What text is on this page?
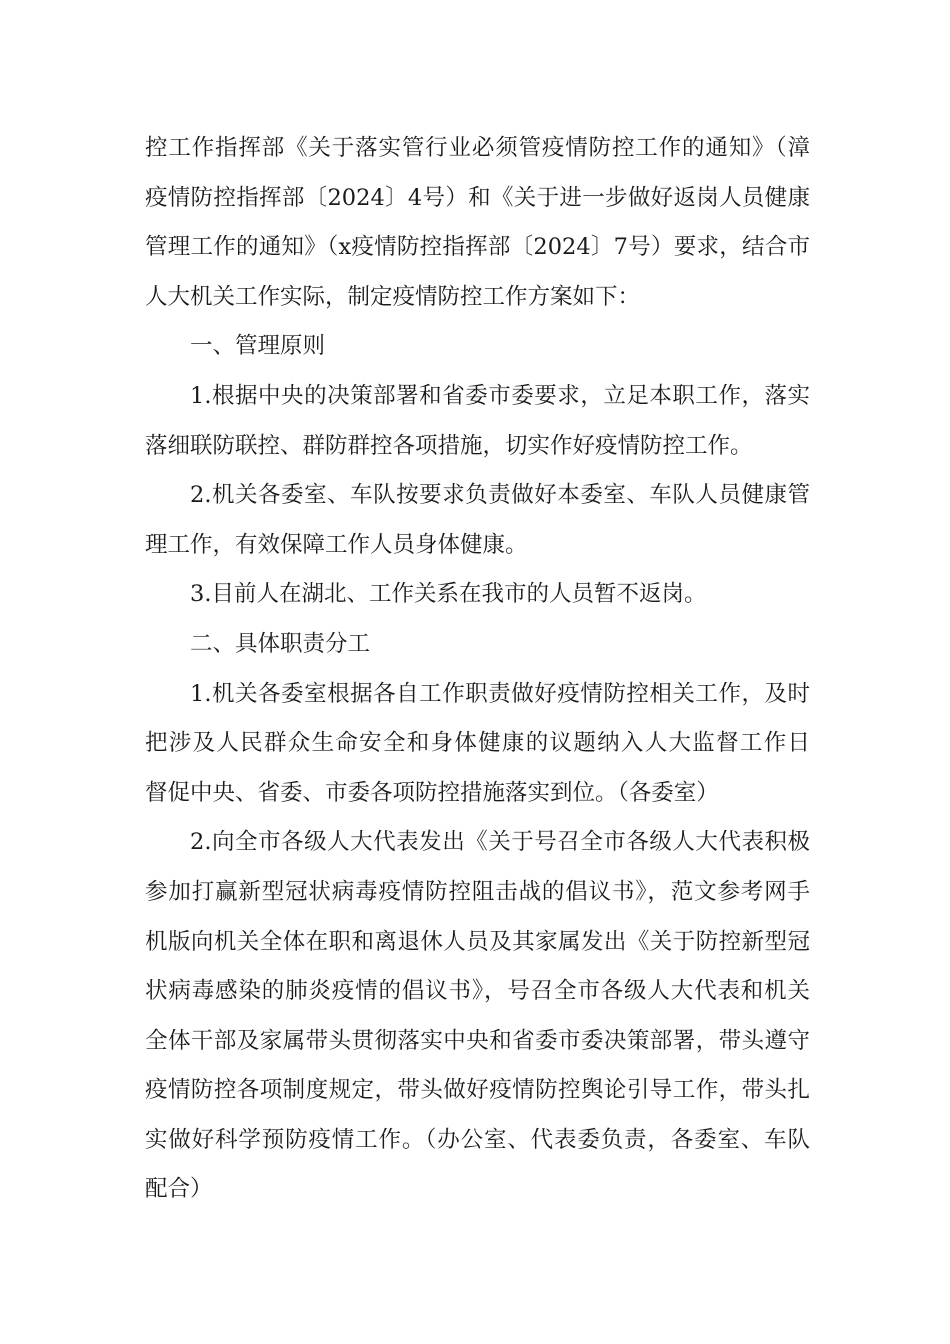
控工作指挥部《关于落实管行业必须管疫情防控工作的通知》（漳
疫情防控指挥部〔2024〕4号）和《关于进一步做好返岗人员健康
管理工作的通知》（x疫情防控指挥部〔2024〕7号）要求，结合市
人大机关工作实际，制定疫情防控工作方案如下：
一、管理原则
1.根据中央的决策部署和省委市委要求，立足本职工作，落实
落细联防联控、群防群控各项措施，切实作好疫情防控工作。
2.机关各委室、车队按要求负责做好本委室、车队人员健康管
理工作，有效保障工作人员身体健康。
3.目前人在湖北、工作关系在我市的人员暂不返岗。
二、具体职责分工
1.机关各委室根据各自工作职责做好疫情防控相关工作，及时
把涉及人民群众生命安全和身体健康的议题纳入人大监督工作日
督促中央、省委、市委各项防控措施落实到位。（各委室）
2.向全市各级人大代表发出《关于号召全市各级人大代表积极
参加打赢新型冠状病毒疫情防控阻击战的倡议书》，范文参考网手
机版向机关全体在职和离退休人员及其家属发出《关于防控新型冠
状病毒感染的肺炎疫情的倡议书》，号召全市各级人大代表和机关
全体干部及家属带头贯彻落实中央和省委市委决策部署，带头遵守
疫情防控各项制度规定，带头做好疫情防控舆论引导工作，带头扎
实做好科学预防疫情工作。（办公室、代表委负责，各委室、车队
配合）
